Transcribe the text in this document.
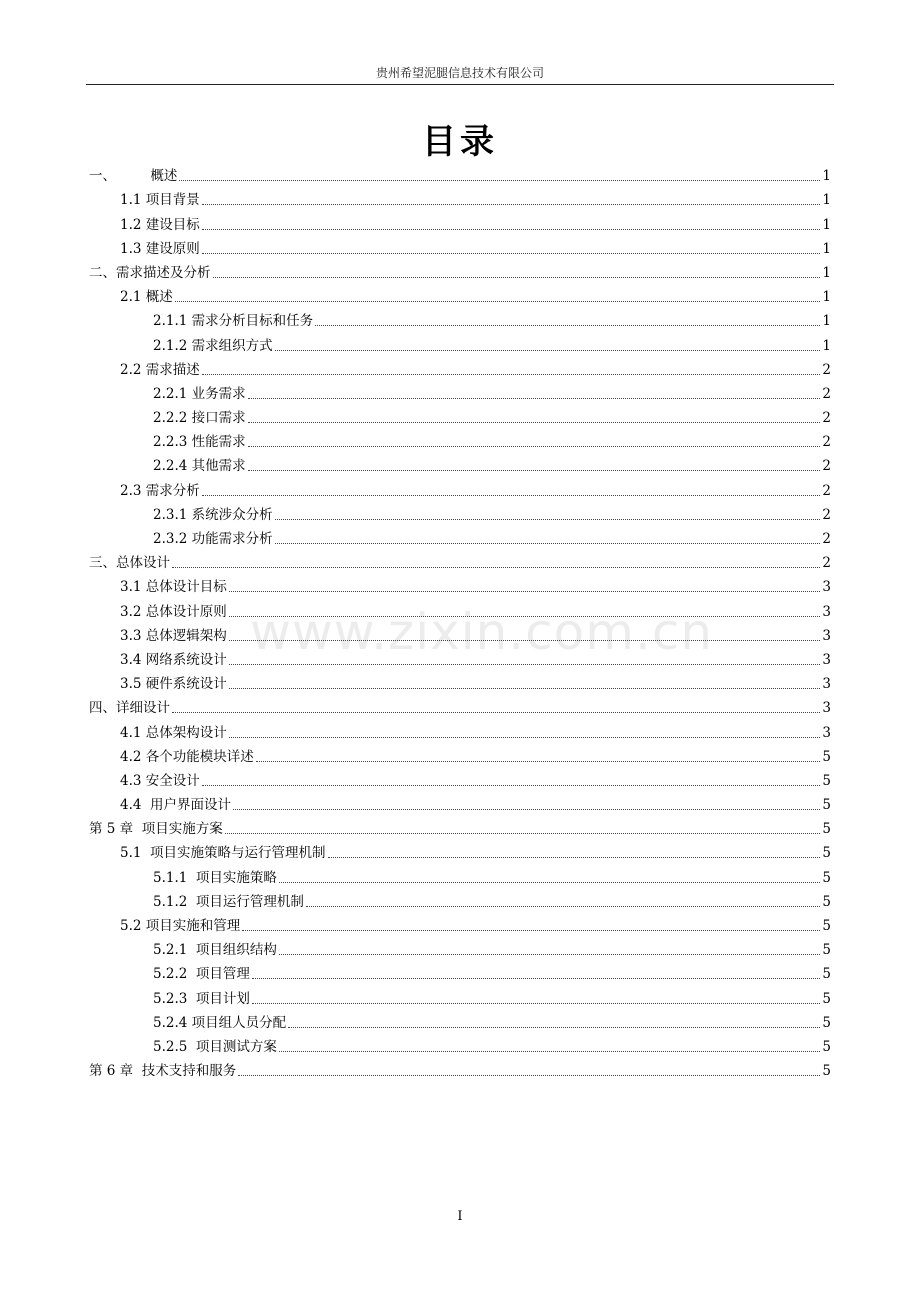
贵州希望泥腿信息技术有限公司
目录
www.zixin.com.cn
一、        概述	1
1.1 项目背景	1
1.2 建设目标	1
1.3 建设原则	1
二、需求描述及分析	1
2.1 概述	1
2.1.1 需求分析目标和任务	1
2.1.2 需求组织方式	1
2.2 需求描述	2
2.2.1 业务需求	2
2.2.2 接口需求	2
2.2.3 性能需求	2
2.2.4 其他需求	2
2.3 需求分析	2
2.3.1 系统涉众分析	2
2.3.2 功能需求分析	2
三、总体设计	2
3.1 总体设计目标	3
3.2 总体设计原则	3
3.3 总体逻辑架构	3
3.4 网络系统设计	3
3.5 硬件系统设计	3
四、详细设计	3
4.1 总体架构设计	3
4.2 各个功能模块详述	5
4.3 安全设计	5
4.4  用户界面设计	5
第 5 章  项目实施方案	5
5.1  项目实施策略与运行管理机制	5
5.1.1  项目实施策略	5
5.1.2  项目运行管理机制	5
5.2 项目实施和管理	5
5.2.1  项目组织结构	5
5.2.2  项目管理	5
5.2.3  项目计划	5
5.2.4 项目组人员分配	5
5.2.5  项目测试方案	5
第 6 章  技术支持和服务	5
I
